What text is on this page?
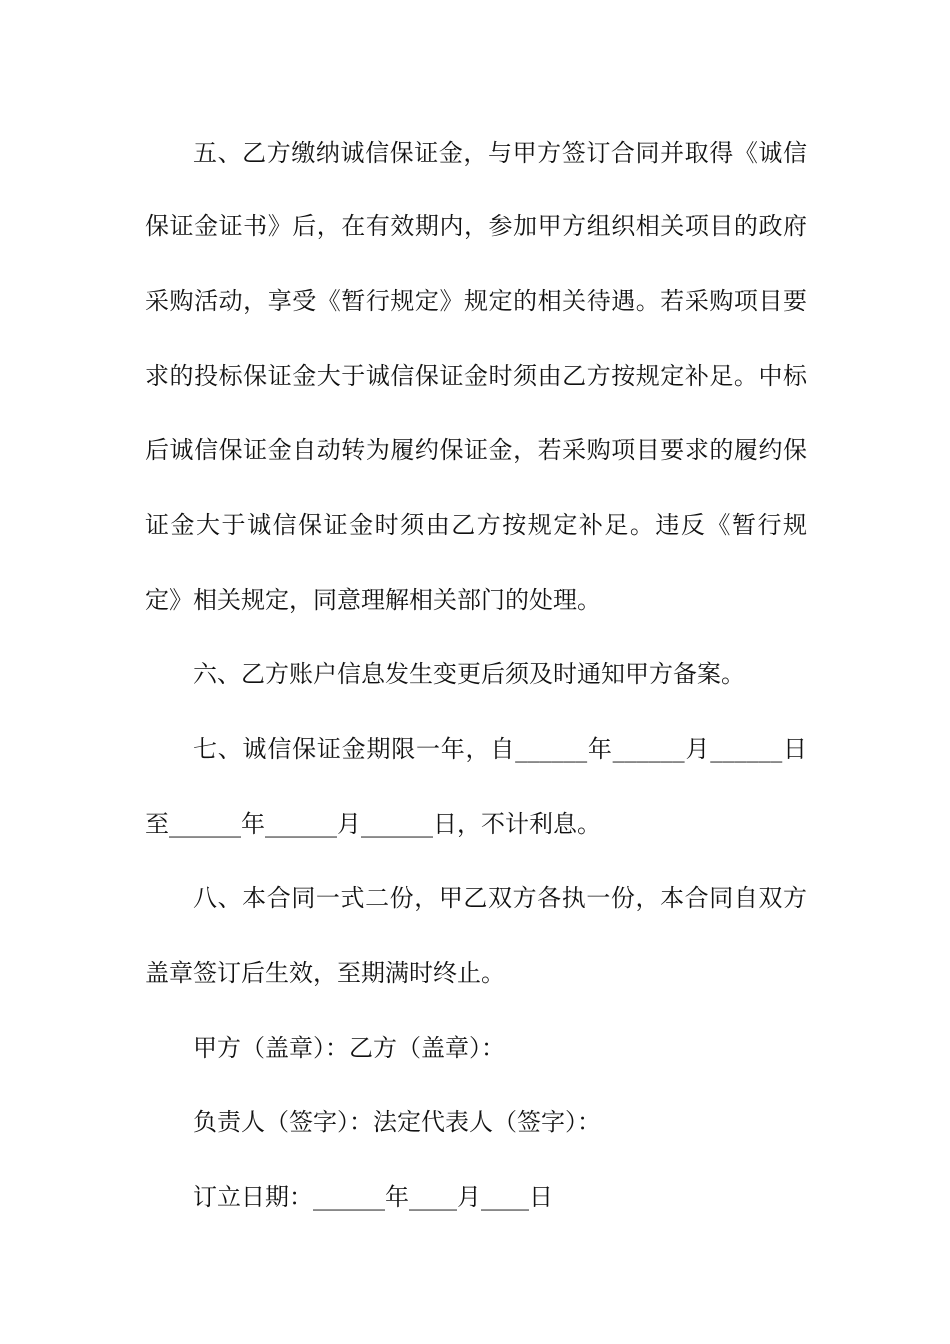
五、乙方缴纳诚信保证金，与甲方签订合同并取得《诚信
保证金证书》后，在有效期内，参加甲方组织相关项目的政府
采购活动，享受《暂行规定》规定的相关待遇。若采购项目要
求的投标保证金大于诚信保证金时须由乙方按规定补足。中标
后诚信保证金自动转为履约保证金，若采购项目要求的履约保
证金大于诚信保证金时须由乙方按规定补足。违反《暂行规
定》相关规定，同意理解相关部门的处理。
六、乙方账户信息发生变更后须及时通知甲方备案。
七、诚信保证金期限一年，自______年______月______日
至______年______月______日，不计利息。
八、本合同一式二份，甲乙双方各执一份，本合同自双方
盖章签订后生效，至期满时终止。
甲方（盖章）：乙方（盖章）：
负责人（签字）：法定代表人（签字）：
订立日期：______年____月____日
